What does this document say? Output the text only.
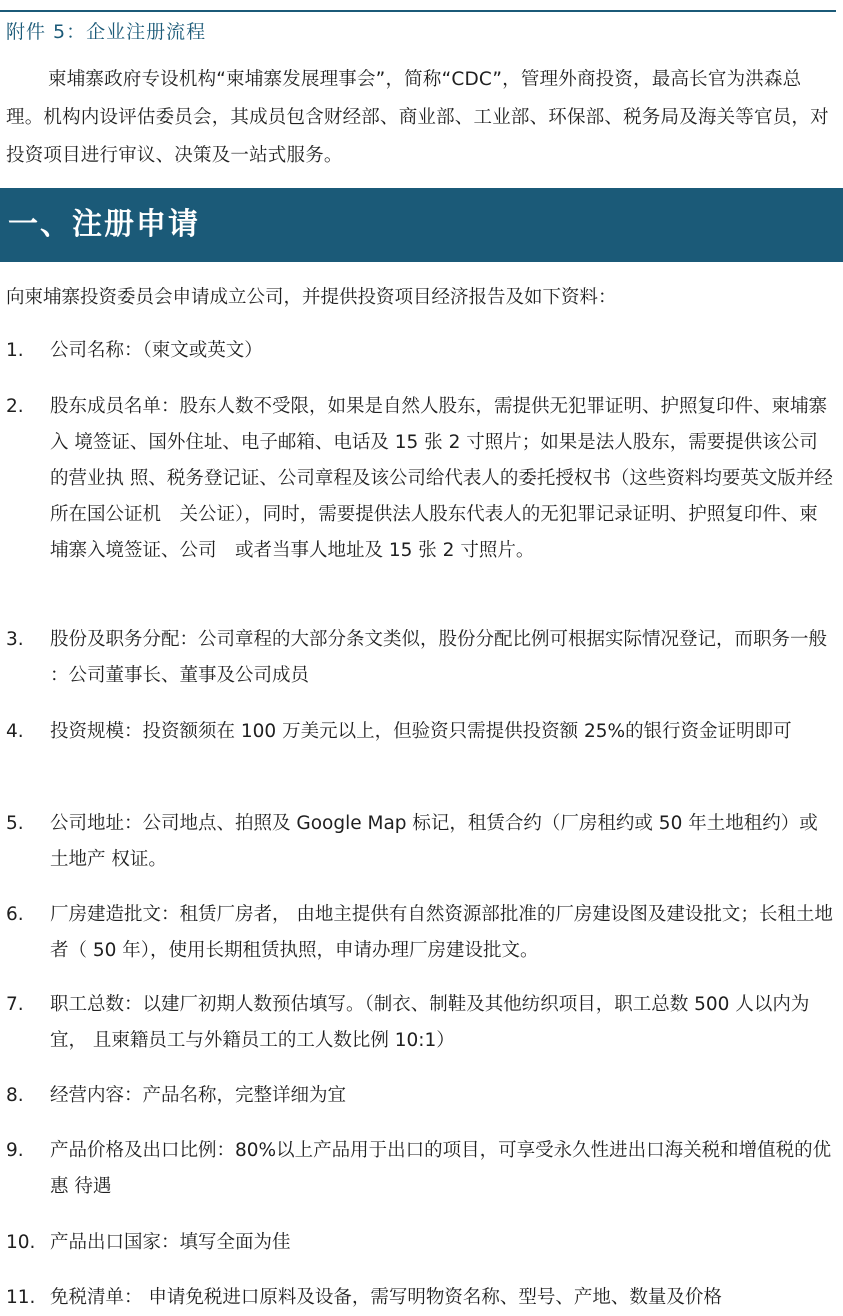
附件 5：企业注册流程

柬埔寨政府专设机构“柬埔寨发展理事会”，简称“CDC”，管理外商投资，最高长官为洪森总理。机构内设评估委员会，其成员包含财经部、商业部、工业部、环保部、税务局及海关等官员，对投资项目进行审议、决策及一站式服务。

一、注册申请

向柬埔寨投资委员会申请成立公司，并提供投资项目经济报告及如下资料：

1. 公司名称：（柬文或英文）
2. 股东成员名单：股东人数不受限，如果是自然人股东，需提供无犯罪证明、护照复印件、柬埔寨入 境签证、国外住址、电子邮箱、电话及 15 张 2 寸照片；如果是法人股东，需要提供该公司的营业执 照、税务登记证、公司章程及该公司给代表人的委托授权书（这些资料均要英文版并经所在国公证机　关公证），同时，需要提供法人股东代表人的无犯罪记录证明、护照复印件、柬埔寨入境签证、公司　或者当事人地址及 15 张 2 寸照片。
3. 股份及职务分配：公司章程的大部分条文类似，股份分配比例可根据实际情况登记，而职务一般 ：公司董事长、董事及公司成员
4. 投资规模：投资额须在 100 万美元以上，但验资只需提供投资额 25%的银行资金证明即可
5. 公司地址：公司地点、拍照及 Google Map 标记，租赁合约（厂房租约或 50 年土地租约）或土地产 权证。
6. 厂房建造批文：租赁厂房者， 由地主提供有自然资源部批准的厂房建设图及建设批文；长租土地者（ 50 年），使用长期租赁执照，申请办理厂房建设批文。
7. 职工总数：以建厂初期人数预估填写。（制衣、制鞋及其他纺织项目，职工总数 500 人以内为宜， 且柬籍员工与外籍员工的工人数比例 10:1）
8. 经营内容：产品名称，完整详细为宜
9. 产品价格及出口比例：80%以上产品用于出口的项目，可享受永久性进出口海关税和增值税的优惠 待遇
10. 产品出口国家：填写全面为佳
11. 免税清单： 申请免税进口原料及设备，需写明物资名称、型号、产地、数量及价格
